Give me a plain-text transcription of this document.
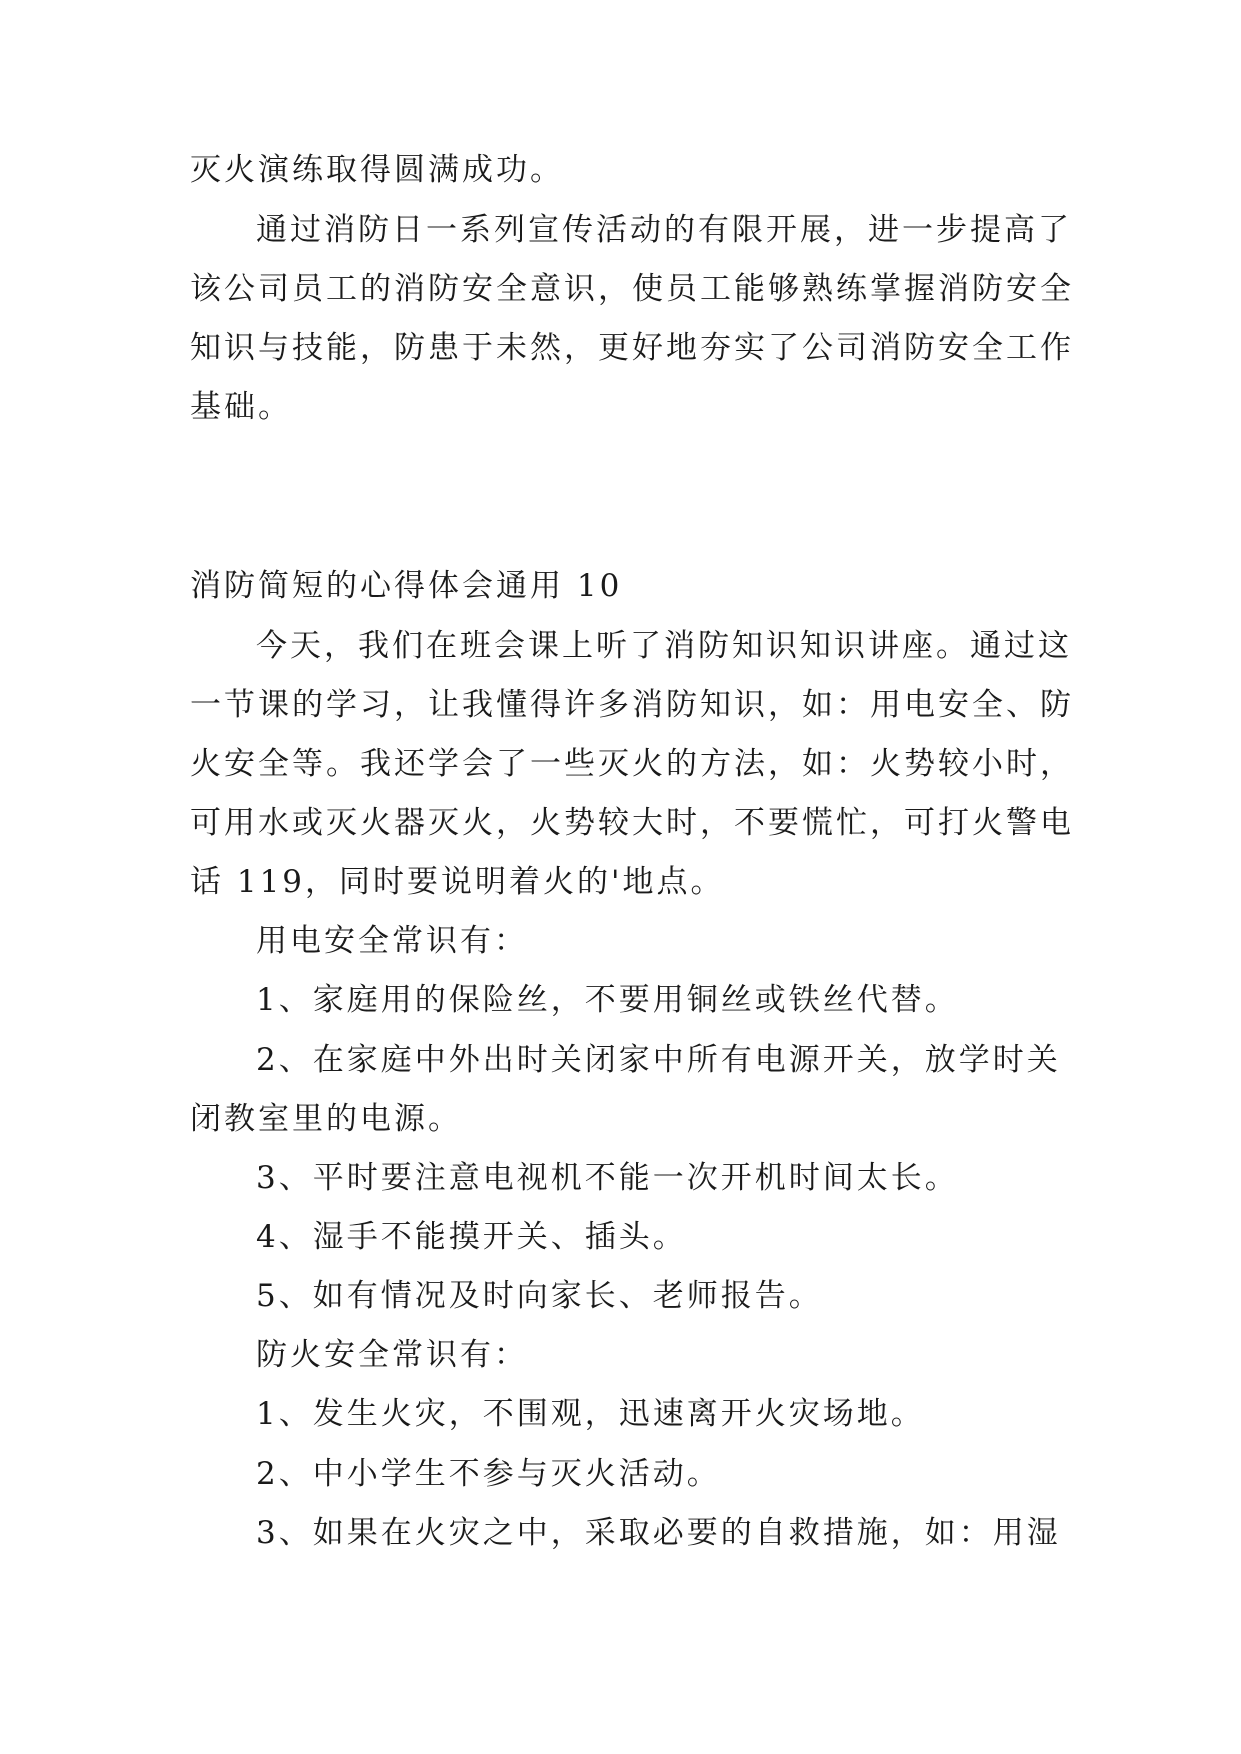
灭火演练取得圆满成功。
通过消防日一系列宣传活动的有限开展，进一步提高了
该公司员工的消防安全意识，使员工能够熟练掌握消防安全
知识与技能，防患于未然，更好地夯实了公司消防安全工作
基础。
消防简短的心得体会通用 10
今天，我们在班会课上听了消防知识知识讲座。通过这
一节课的学习，让我懂得许多消防知识，如：用电安全、防
火安全等。我还学会了一些灭火的方法，如：火势较小时，
可用水或灭火器灭火，火势较大时，不要慌忙，可打火警电
话 119，同时要说明着火的'地点。
用电安全常识有：
1、家庭用的保险丝，不要用铜丝或铁丝代替。
2、在家庭中外出时关闭家中所有电源开关，放学时关
闭教室里的电源。
3、平时要注意电视机不能一次开机时间太长。
4、湿手不能摸开关、插头。
5、如有情况及时向家长、老师报告。
防火安全常识有：
1、发生火灾，不围观，迅速离开火灾场地。
2、中小学生不参与灭火活动。
3、如果在火灾之中，采取必要的自救措施，如：用湿
